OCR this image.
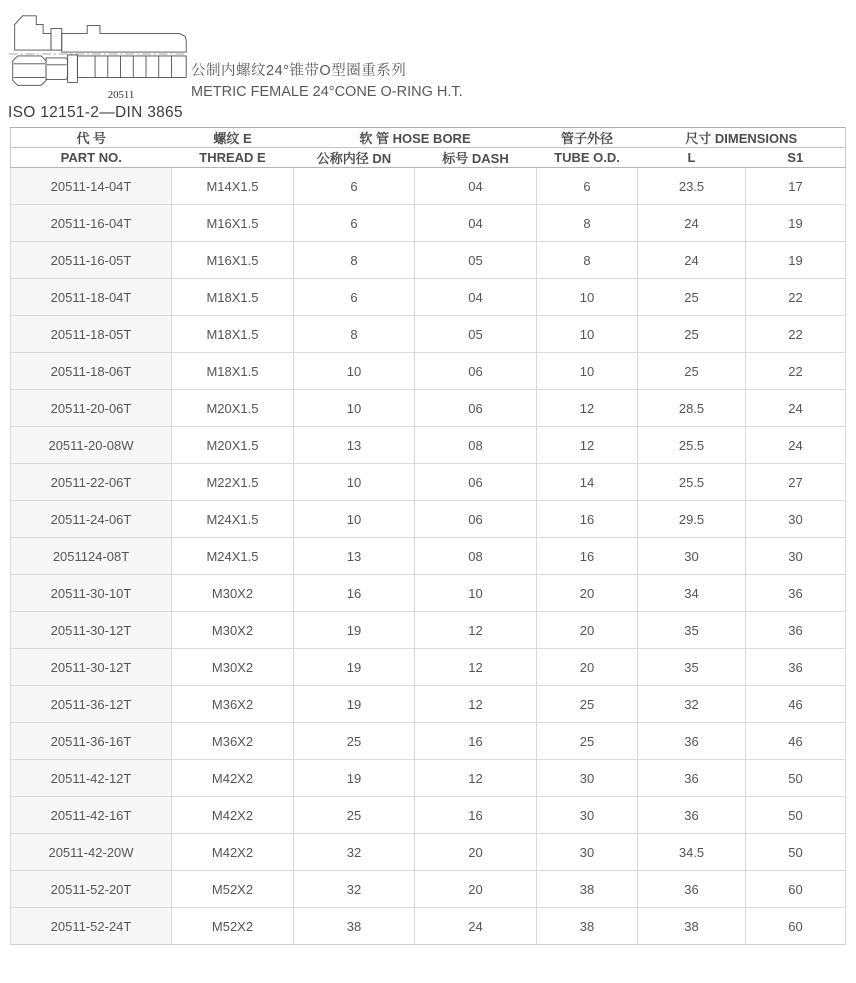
20511
公制内螺纹24°锥带O型圈重系列
METRIC FEMALE 24°CONE O-RING H.T.
ISO 12151-2—DIN 3865
代 号	螺纹 E	软 管 HOSE BORE		管子外径	尺寸 DIMENSIONS	
PART NO.	THREAD E	公称内径 DN	标号 DASH	TUBE O.D.	L	S1
20511-14-04T	M14X1.5	6	04	6	23.5	17
20511-16-04T	M16X1.5	6	04	8	24	19
20511-16-05T	M16X1.5	8	05	8	24	19
20511-18-04T	M18X1.5	6	04	10	25	22
20511-18-05T	M18X1.5	8	05	10	25	22
20511-18-06T	M18X1.5	10	06	10	25	22
20511-20-06T	M20X1.5	10	06	12	28.5	24
20511-20-08W	M20X1.5	13	08	12	25.5	24
20511-22-06T	M22X1.5	10	06	14	25.5	27
20511-24-06T	M24X1.5	10	06	16	29.5	30
2051124-08T	M24X1.5	13	08	16	30	30
20511-30-10T	M30X2	16	10	20	34	36
20511-30-12T	M30X2	19	12	20	35	36
20511-30-12T	M30X2	19	12	20	35	36
20511-36-12T	M36X2	19	12	25	32	46
20511-36-16T	M36X2	25	16	25	36	46
20511-42-12T	M42X2	19	12	30	36	50
20511-42-16T	M42X2	25	16	30	36	50
20511-42-20W	M42X2	32	20	30	34.5	50
20511-52-20T	M52X2	32	20	38	36	60
20511-52-24T	M52X2	38	24	38	38	60
